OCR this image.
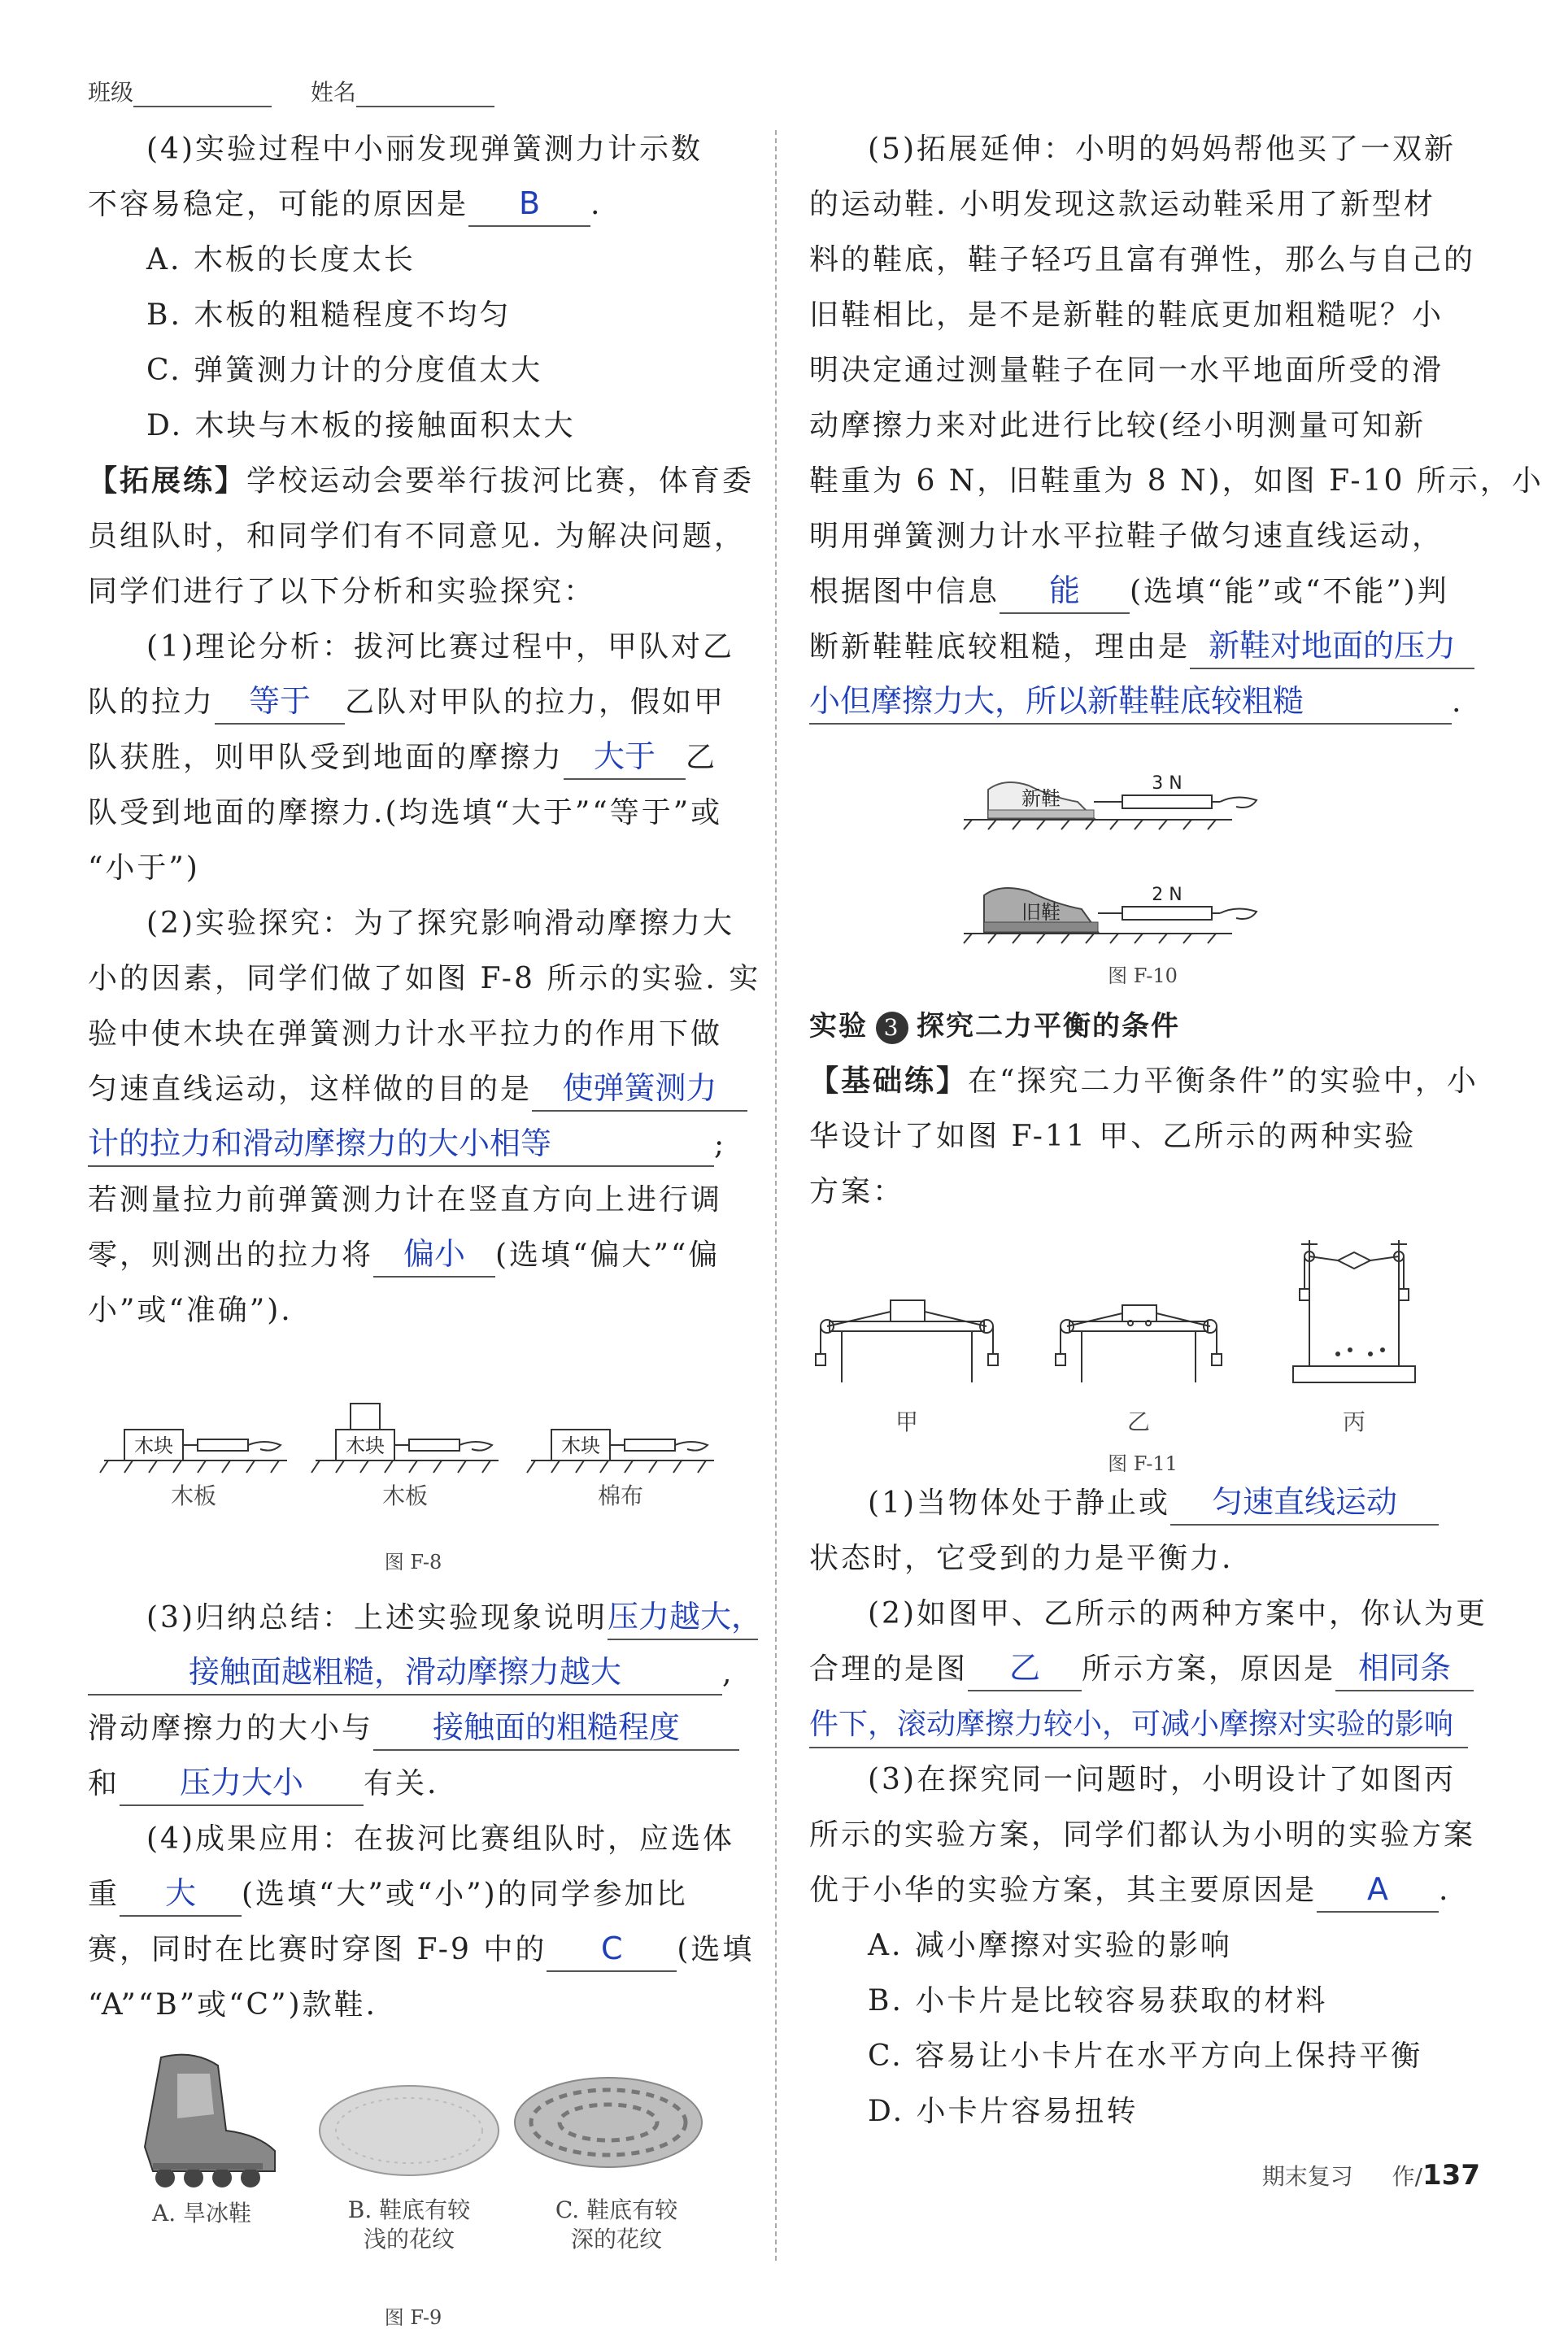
班级	姓名

(4)实验过程中小丽发现弹簧测力计示数

不容易稳定，可能的原因是 B .

A. 木板的长度太长

B. 木板的粗糙程度不均匀

C. 弹簧测力计的分度值太大

D. 木块与木板的接触面积太大

【拓展练】学校运动会要举行拔河比赛，体育委

员组队时，和同学们有不同意见. 为解决问题，

同学们进行了以下分析和实验探究：

(1)理论分析：拔河比赛过程中，甲队对乙

队的拉力 等于 乙队对甲队的拉力，假如甲

队获胜，则甲队受到地面的摩擦力 大于 乙

队受到地面的摩擦力.(均选填“大于”“等于”或

“小于”)

(2)实验探究：为了探究影响滑动摩擦力大

小的因素，同学们做了如图 F-8 所示的实验. 实

验中使木块在弹簧测力计水平拉力的作用下做

匀速直线运动，这样做的目的是 使弹簧测力

计的拉力和滑动摩擦力的大小相等	;

若测量拉力前弹簧测力计在竖直方向上进行调

零，则测出的拉力将 偏小 (选填“偏大”“偏

小”或“准确”).

木块	木块	木块
木板	木板	棉布
图 F-8

(3)归纳总结：上述实验现象说明压力越大，

接触面越粗糙，滑动摩擦力越大	,

滑动摩擦力的大小与 接触面的粗糙程度

和 压力大小 有关.

(4)成果应用：在拔河比赛组队时，应选体

重 大 (选填“大”或“小”)的同学参加比

赛，同时在比赛时穿图 F-9 中的 C (选填

“A”“B”或“C”)款鞋.

A. 旱冰鞋	B. 鞋底有较
浅的花纹
C. 鞋底有较
深的花纹
图 F-9

(5)拓展延伸：小明的妈妈帮他买了一双新

的运动鞋. 小明发现这款运动鞋采用了新型材

料的鞋底，鞋子轻巧且富有弹性，那么与自己的

旧鞋相比，是不是新鞋的鞋底更加粗糙呢？小

明决定通过测量鞋子在同一水平地面所受的滑

动摩擦力来对此进行比较(经小明测量可知新

鞋重为 6 N，旧鞋重为 8 N)，如图 F-10 所示，小

明用弹簧测力计水平拉鞋子做匀速直线运动，

根据图中信息 能 (选填“能”或“不能”)判

断新鞋鞋底较粗糙，理由是 新鞋对地面的压力

小但摩擦力大，所以新鞋鞋底较粗糙	.

新鞋
旧鞋
3 N
2 N
图 F-10

实验 3 探究二力平衡的条件

【基础练】在“探究二力平衡条件”的实验中，小

华设计了如图 F-11 甲、乙所示的两种实验

方案：

甲	乙	丙
图 F-11

(1)当物体处于静止或 匀速直线运动

状态时，它受到的力是平衡力.

(2)如图甲、乙所示的两种方案中，你认为更

合理的是图 乙 所示方案，原因是 相同条

件下，滚动摩擦力较小，可减小摩擦对实验的影响

(3)在探究同一问题时，小明设计了如图丙

所示的实验方案，同学们都认为小明的实验方案

优于小华的实验方案，其主要原因是 A .

A. 减小摩擦对实验的影响

B. 小卡片是比较容易获取的材料

C. 容易让小卡片在水平方向上保持平衡

D. 小卡片容易扭转

期末复习 作/137
